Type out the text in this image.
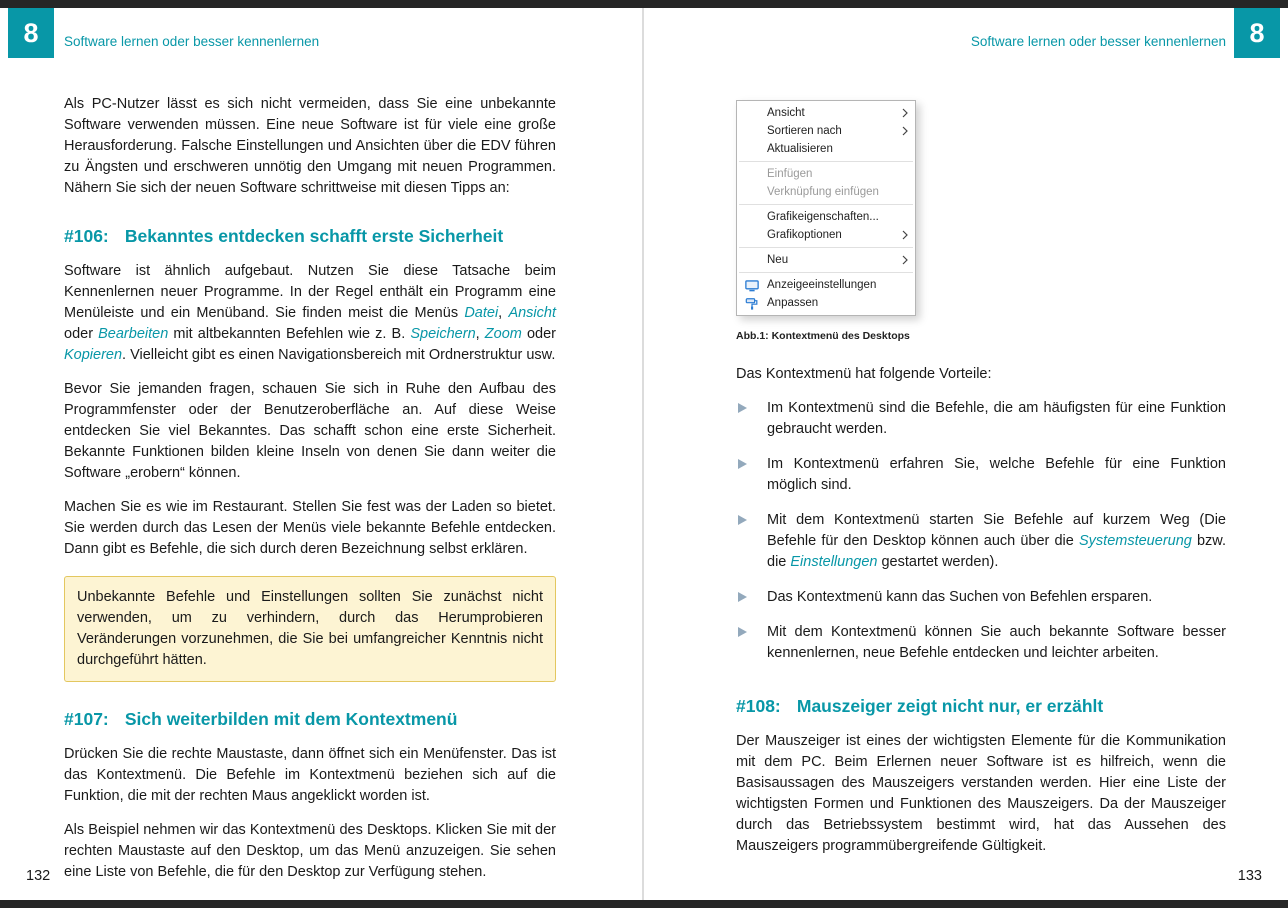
8 Software lernen oder besser kennenlernen

Als PC-Nutzer lässt es sich nicht vermeiden, dass Sie eine unbekannte Software verwenden müssen. Eine neue Software ist für viele eine große Herausforderung. Falsche Einstellungen und Ansichten über die EDV führen zu Ängsten und erschweren unnötig den Umgang mit neuen Programmen. Nähern Sie sich der neuen Software schrittweise mit diesen Tipps an:

#106: Bekanntes entdecken schafft erste Sicherheit

Software ist ähnlich aufgebaut. Nutzen Sie diese Tatsache beim Kennenlernen neuer Programme. In der Regel enthält ein Programm eine Menüleiste und ein Menüband. Sie finden meist die Menüs Datei, Ansicht oder Bearbeiten mit altbekannten Befehlen wie z. B. Speichern, Zoom oder Kopieren. Vielleicht gibt es einen Navigationsbereich mit Ordnerstruktur usw.

Bevor Sie jemanden fragen, schauen Sie sich in Ruhe den Aufbau des Programmfenster oder der Benutzeroberfläche an. Auf diese Weise entdecken Sie viel Bekanntes. Das schafft schon eine erste Sicherheit. Bekannte Funktionen bilden kleine Inseln von denen Sie dann weiter die Software „erobern“ können.

Machen Sie es wie im Restaurant. Stellen Sie fest was der Laden so bietet. Sie werden durch das Lesen der Menüs viele bekannte Befehle entdecken. Dann gibt es Befehle, die sich durch deren Bezeichnung selbst erklären.

Unbekannte Befehle und Einstellungen sollten Sie zunächst nicht verwenden, um zu verhindern, durch das Herumprobieren Veränderungen vorzunehmen, die Sie bei umfangreicher Kenntnis nicht durchgeführt hätten.
#107: Sich weiterbilden mit dem Kontextmenü

Drücken Sie die rechte Maustaste, dann öffnet sich ein Menüfenster. Das ist das Kontextmenü. Die Befehle im Kontextmenü beziehen sich auf die Funktion, die mit der rechten Maus angeklickt worden ist.

Als Beispiel nehmen wir das Kontextmenü des Desktops. Klicken Sie mit der rechten Maustaste auf den Desktop, um das Menü anzuzeigen. Sie sehen eine Liste von Befehle, die für den Desktop zur Verfügung stehen.

132
8
Software lernen oder besser kennenlernen
Ansicht
Sortieren nach
Aktualisieren
Einfügen
Verknüpfung einfügen
Grafikeigenschaften...
Grafikoptionen
Neu
Anzeigeeinstellungen
Anpassen
Abb.1: Kontextmenü des Desktops

Das Kontextmenü hat folgende Vorteile:

Im Kontextmenü sind die Befehle, die am häufigsten für eine Funktion gebraucht werden.

Im Kontextmenü erfahren Sie, welche Befehle für eine Funktion möglich sind.

Mit dem Kontextmenü starten Sie Befehle auf kurzem Weg (Die Befehle für den Desktop können auch über die Systemsteuerung bzw. die Einstellungen gestartet werden).

Das Kontextmenü kann das Suchen von Befehlen ersparen.

Mit dem Kontextmenü können Sie auch bekannte Software besser kennenlernen, neue Befehle entdecken und leichter arbeiten.

#108: Mauszeiger zeigt nicht nur, er erzählt

Der Mauszeiger ist eines der wichtigsten Elemente für die Kommunikation mit dem PC. Beim Erlernen neuer Software ist es hilfreich, wenn die Basisaussagen des Mauszeigers verstanden werden. Hier eine Liste der wichtigsten Formen und Funktionen des Mauszeigers. Da der Mauszeiger durch das Betriebssystem bestimmt wird, hat das Aussehen des Mauszeigers programmübergreifende Gültigkeit.

133
